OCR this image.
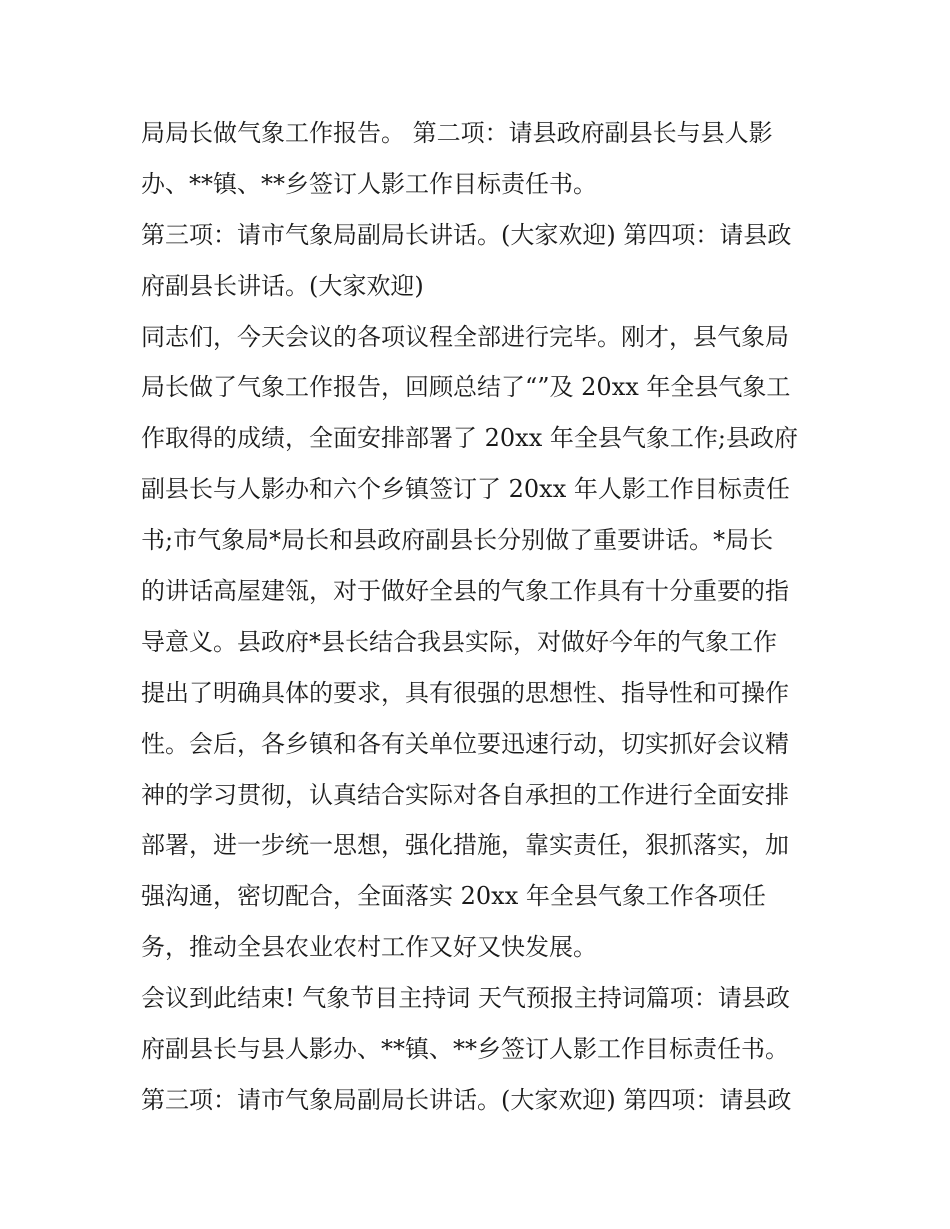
局局长做气象工作报告。 第二项：请县政府副县长与县人影
办、**镇、**乡签订人影工作目标责任书。
第三项：请市气象局副局长讲话。(大家欢迎) 第四项：请县政
府副县长讲话。(大家欢迎)
同志们，今天会议的各项议程全部进行完毕。刚才，县气象局
局长做了气象工作报告，回顾总结了“”及 20xx 年全县气象工
作取得的成绩，全面安排部署了 20xx 年全县气象工作;县政府
副县长与人影办和六个乡镇签订了 20xx 年人影工作目标责任
书;市气象局*局长和县政府副县长分别做了重要讲话。*局长
的讲话高屋建瓴，对于做好全县的气象工作具有十分重要的指
导意义。县政府*县长结合我县实际，对做好今年的气象工作
提出了明确具体的要求，具有很强的思想性、指导性和可操作
性。会后，各乡镇和各有关单位要迅速行动，切实抓好会议精
神的学习贯彻，认真结合实际对各自承担的工作进行全面安排
部署，进一步统一思想，强化措施，靠实责任，狠抓落实，加
强沟通，密切配合，全面落实 20xx 年全县气象工作各项任
务，推动全县农业农村工作又好又快发展。
会议到此结束! 气象节目主持词 天气预报主持词篇项：请县政
府副县长与县人影办、**镇、**乡签订人影工作目标责任书。
第三项：请市气象局副局长讲话。(大家欢迎) 第四项：请县政
